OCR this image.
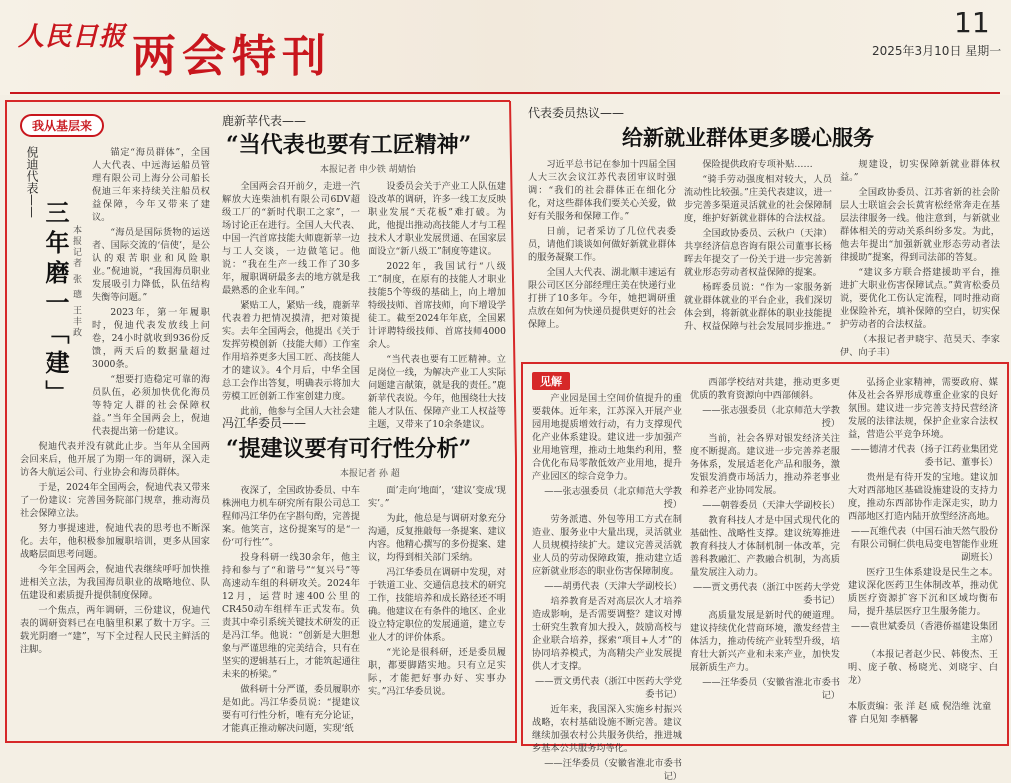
人民日报 两会特刊
11
2025年3月10日 星期一
我从基层来
倪迪代表——
三年磨一「建」 本报记者 张 璁 王丰政

锚定“海员群体”，全国人大代表、中远海运船员管理有限公司上海分公司船长倪迪三年来持续关注船员权益保障，今年又带来了建议。

“海员是国际货物的运送者、国际交流的‘信使’，是公认的艰苦职业和风险职业。”倪迪说，“我国海员职业发展吸引力降低，队伍结构失衡等问题。”

2023年，第一年履职时，倪迪代表发放线上问卷，24小时就收到936份反馈，两天后的数据量超过3000条。

“想要打造稳定可靠的海员队伍，必须加快优化海员等特定人群的社会保障权益。”当年全国两会上，倪迪代表提出第一份建议。

倪迪代表并没有就此止步。当年从全国两会回来后，他开展了为期一年的调研，深入走访各大航运公司、行业协会和海员群体。

于是，2024年全国两会，倪迪代表又带来了一份建议：完善国务院部门规章，推动海员社会保障立法。

努力事提速进，倪迪代表的思考也不断深化。去年，他积极参加履职培训，更多从国家战略层面思考问题。

今年全国两会，倪迪代表继续呼吁加快推进相关立法，为我国海员职业的战略地位、队伍建设和素质提升提供制度保障。

一个焦点，两年调研，三份建议，倪迪代表的调研资料已在电脑里积累了数十万字。三载光阴磨一“建”，写下全过程人民民主鲜活的注脚。

鹿新苹代表——
“当代表也要有工匠精神”
本报记者 申少铁 胡婧怡

全国两会召开前夕，走进一汽解放大连柴油机有限公司6DV超级工厂的“新时代职工之家”，一场讨论正在进行。全国人大代表、中国一汽首席技能大师鹿新苹一边与工人交谈，一边做笔记。他说：“我在生产一线工作了30多年，履职调研最多去的地方就是我最熟悉的企业车间。”

紧贴工人，紧贴一线，鹿新苹代表着力把情况摸清，把对策提实。去年全国两会，他提出《关于发挥劳模创新（技能大师）工作室作用培养更多大国工匠、高技能人才的建议》。4个月后，中华全国总工会作出答复，明确表示将加大劳模工匠创新工作室创建力度。

此前，他参与全国人大社会建

设委员会关于产业工人队伍建设改革的调研，许多一线工友反映职业发展“天花板”难打破。为此，他提出推动高技能人才与工程技术人才职业发展贯通、在国家层面设立“新八级工”制度等建议。

2022年，我国试行“八级工”制度，在原有的技能人才职业技能5个等级的基础上，向上增加特级技师、首席技师，向下增设学徒工。截至2024年年底，全国累计评聘特级技师、首席技师4000余人。

“当代表也要有工匠精神。立足岗位一线，为解决产业工人实际问题建言献策，就是我的责任。”鹿新苹代表说。今年，他围绕壮大技能人才队伍、保障产业工人权益等主题，又带来了10余条建议。

冯江华委员——
“提建议要有可行性分析”
本报记者 孙 超

夜深了，全国政协委员、中车株洲电力机车研究所有限公司总工程师冯江华仍在字斟句酌，完善提案。他笑言，这份提案写的是“一份‘可行性’”。

投身科研一线30余年，他主持和参与了“和谐号”“复兴号”等高速动车组的科研攻关。2024年12月，运营时速400公里的CR450动车组样车正式发布。负责其中牵引系统关键技术研发的正是冯江华。他说：“创新是大胆想象与严谨思维的完美结合，只有在坚实的逻辑基石上，才能筑起通往未来的桥梁。”

做科研十分严谨，委员履职亦是如此。冯江华委员说：“提建议要有可行性分析，唯有充分论证，才能真正推动解决问题，实现‘纸

面’走向‘地面’，‘建议’变成‘现实’。”

为此，他总是与调研对象充分沟通，反复推敲每一条提案、建议内容。他精心撰写的多份提案、建议，均得到相关部门采纳。

冯江华委员在调研中发现，对于铁道工业、交通信息技术的研究工作，技能培养和成长路径还不明确。他建议在有条件的地区、企业设立特定职位的发展通道，建立专业人才的评价体系。

“光论是很科研，还是委员履职，都要脚踏实地。只有立足实际，才能把好事办好、实事办实。”冯江华委员说。

代表委员热议——
给新就业群体更多暖心服务

习近平总书记在参加十四届全国人大三次会议江苏代表团审议时强调：“我们的社会群体正在细化分化，对这些群体我们要关心关爱，做好有关服务和保障工作。”

日前，记者采访了几位代表委员，请他们谈谈如何做好新就业群体的服务凝聚工作。

全国人大代表、湖北顺丰速运有限公司区区分部经理庄美在快递行业打拼了10多年。今年，她把调研重点放在如何为快递员提供更好的社会保障上。

保险提供政府专项补贴……

“骑手劳动强度相对较大，人员流动性比较强。”庄美代表建议，进一步完善多渠道灵活就业的社会保障制度，维护好新就业群体的合法权益。

全国政协委员、云秋户（天津）共享经济信息咨询有限公司董事长杨晖去年提交了一份关于进一步完善新就业形态劳动者权益保障的提案。

杨晖委员说：“作为一家服务新就业群体就业的平台企业，我们深切体会到，将新就业群体的职业技能提升、权益保障与社会发展同步推进。”

规建设，切实保障新就业群体权益。”

全国政协委员、江苏省新的社会阶层人士联谊会会长黄宵松经常奔走在基层法律服务一线。他注意到，与新就业群体相关的劳动关系纠纷多发。为此，他去年提出“加强新就业形态劳动者法律援助”提案，得到司法部的答复。

“建议多方联合搭建援助平台，推进扩大职业伤害保障试点。”黄宵松委员说，要优化工伤认定流程，同时推动商业保险补充，填补保障的空白，切实保护劳动者的合法权益。

（本报记者尹晓宇、范昊天、李家伊、向子丰）

见解

产业园是国土空间价值提升的重要载体。近年来，江苏深入开展产业园用地提质增效行动，有力支撑现代化产业体系建设。建议进一步加强产业用地管理，推动土地集约利用，整合优化布局零散低效产业用地，提升产业园区的综合竞争力。

——张志强委员（北京师范大学教授）

劳务派遣、外包等用工方式在制造业、服务业中大量出现，灵活就业人员规模持续扩大。建议完善灵活就业人员的劳动保障政策，推动建立适应新就业形态的职业伤害保障制度。

——胡勇代表（天津大学副校长）

培养教育是否对高层次人才培养造成影响，是否需要调整？建议对博士研究生教育加大投入，鼓励高校与企业联合培养，探索“项目+人才”的协同培养模式，为高精尖产业发展提供人才支撑。

——贾文勇代表（浙江中医药大学党委书记）

近年来，我国深入实施乡村振兴战略，农村基础设施不断完善。建议继续加强农村公共服务供给，推进城乡基本公共服务均等化。

——汪华委员（安徽省淮北市委书记）

西部学校结对共建，推动更多更优质的教育资源向中西部倾斜。

——张志强委员（北京师范大学教授）

当前，社会各界对银发经济关注度不断提高。建议进一步完善养老服务体系，发展适老化产品和服务，激发银发消费市场活力，推动养老事业和养老产业协同发展。

——朝蓉委员（天津大学副校长）

教育科技人才是中国式现代化的基础性、战略性支撑。建议统筹推进教育科技人才体制机制一体改革，完善科教融汇、产教融合机制，为高质量发展注入动力。

——贾文勇代表（浙江中医药大学党委书记）

高质量发展是新时代的硬道理。建议持续优化营商环境，激发经营主体活力，推动传统产业转型升级，培育壮大新兴产业和未来产业，加快发展新质生产力。

——汪华委员（安徽省淮北市委书记）

弘扬企业家精神，需要政府、媒体及社会各界形成尊重企业家的良好氛围。建议进一步完善支持民营经济发展的法律法规，保护企业家合法权益，营造公平竞争环境。

——德清才代表（扬子江药业集团党委书记、董事长）

贵州是有待开发的宝地。建议加大对西部地区基础设施建设的支持力度，推动东西部协作走深走实，助力西部地区打造内陆开放型经济高地。

——瓦维代表（中国石油天然气股份有限公司铜仁供电局变电智能作业班副班长）

医疗卫生体系建设是民生之本。建议深化医药卫生体制改革，推动优质医疗资源扩容下沉和区域均衡布局，提升基层医疗卫生服务能力。

——袁世斌委员（香港侨福建设集团主席）

（本报记者赵少民、韩俊杰、王明、庞子敬、杨晓光、刘晓宇、白龙）

本版责编：张 洋 赵 威 倪浩维 沈童睿 白见知 李栖馨
